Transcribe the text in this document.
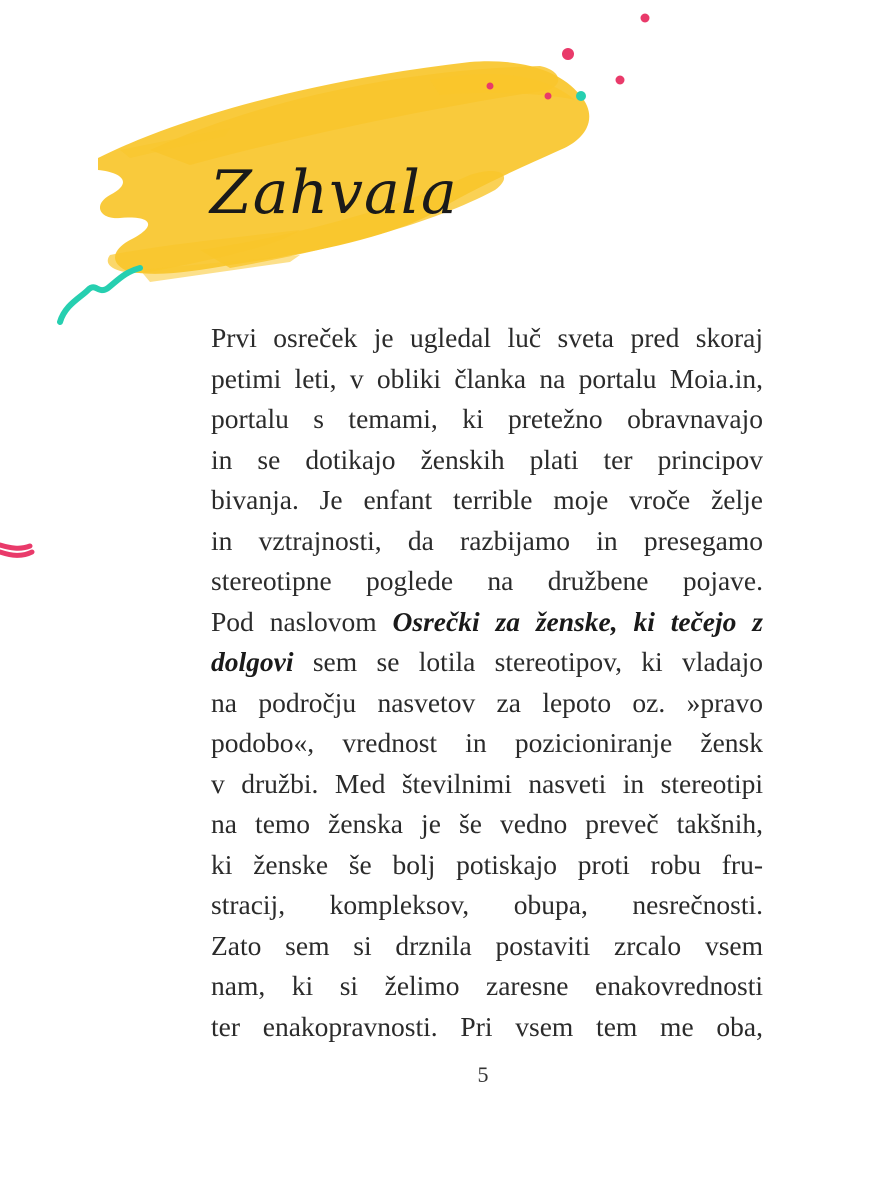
Zahvala
Prvi osreček je ugledal luč sveta pred skoraj
petimi leti, v obliki članka na portalu Moia.in,
portalu s temami, ki pretežno obravnavajo
in se dotikajo ženskih plati ter principov
bivanja. Je enfant terrible moje vroče želje
in vztrajnosti, da razbijamo in presegamo
stereotipne poglede na družbene pojave.
Pod naslovom Osrečki za ženske, ki tečejo z
dolgovi sem se lotila stereotipov, ki vladajo
na področju nasvetov za lepoto oz. »pravo
podobo«, vrednost in pozicioniranje žensk
v družbi. Med številnimi nasveti in stereotipi
na temo ženska je še vedno preveč takšnih,
ki ženske še bolj potiskajo proti robu fru-
stracij, kompleksov, obupa, nesrečnosti.
Zato sem si drznila postaviti zrcalo vsem
nam, ki si želimo zaresne enakovrednosti
ter enakopravnosti. Pri vsem tem me oba,
5
